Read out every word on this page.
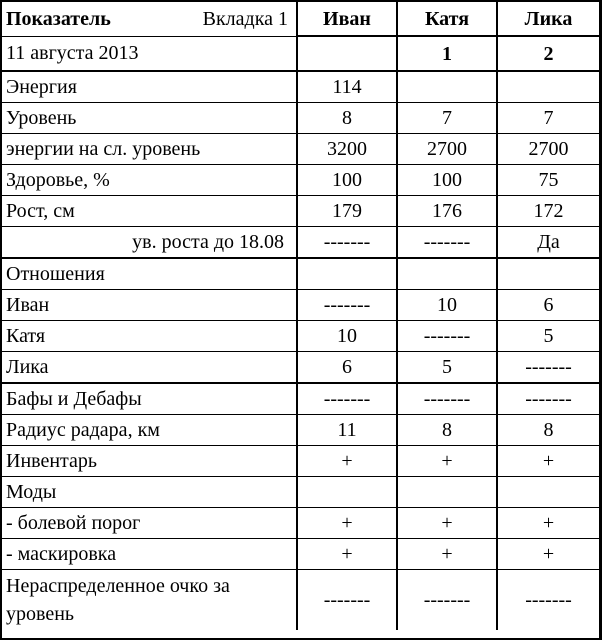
Показатель Вкладка 1	Иван	Катя	Лика
11 августа 2013		1	2
Энергия	114		
Уровень	8	7	7
энергии на сл. уровень	3200	2700	2700
Здоровье, %	100	100	75
Рост, см	179	176	172
ув. роста до 18.08	-------	-------	Да
Отношения			
Иван	-------	10	6
Катя	10	-------	5
Лика	6	5	-------
Бафы и Дебафы	-------	-------	-------
Радиус радара, км	11	8	8
Инвентарь	+	+	+
Моды			
- болевой порог	+	+	+
- маскировка	+	+	+
Нераспределенное очко за уровень	-------	-------	-------
